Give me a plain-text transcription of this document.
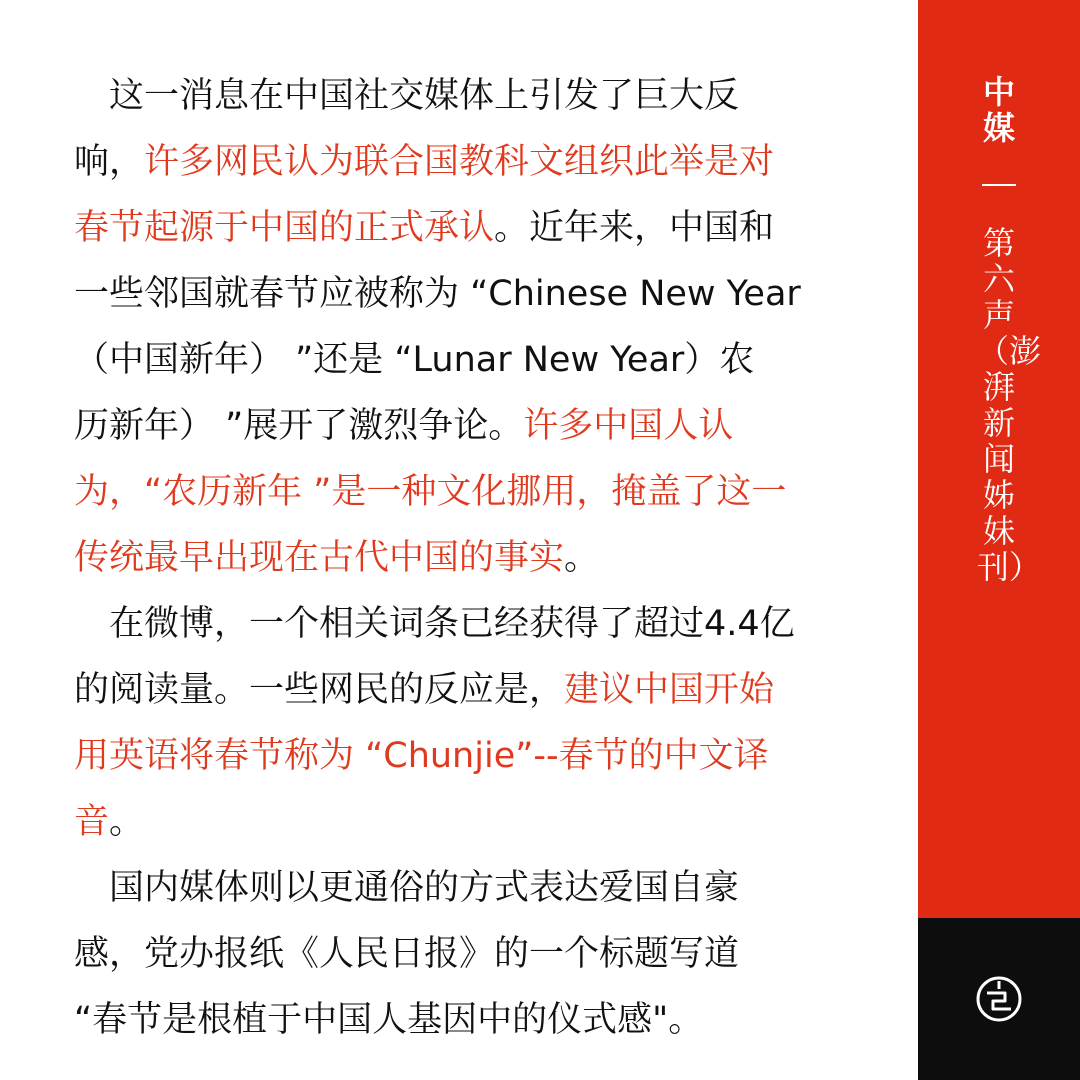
　这一消息在中国社交媒体上引发了巨大反
响，许多网民认为联合国教科文组织此举是对
春节起源于中国的正式承认。近年来，中国和
一些邻国就春节应被称为 “Chinese New Year
（中国新年） ”还是 “Lunar New Year）农
历新年） ”展开了激烈争论。许多中国人认
为，“农历新年 ”是一种文化挪用，掩盖了这一
传统最早出现在古代中国的事实。
　在微博，一个相关词条已经获得了超过4.4亿
的阅读量。一些网民的反应是，建议中国开始
用英语将春节称为 “Chunjie”--春节的中文译
音。
　国内媒体则以更通俗的方式表达爱国自豪
感，党办报纸《人民日报》的一个标题写道
“春节是根植于中国人基因中的仪式感"。
中媒
第六声（澎湃新闻姊妹刊）
